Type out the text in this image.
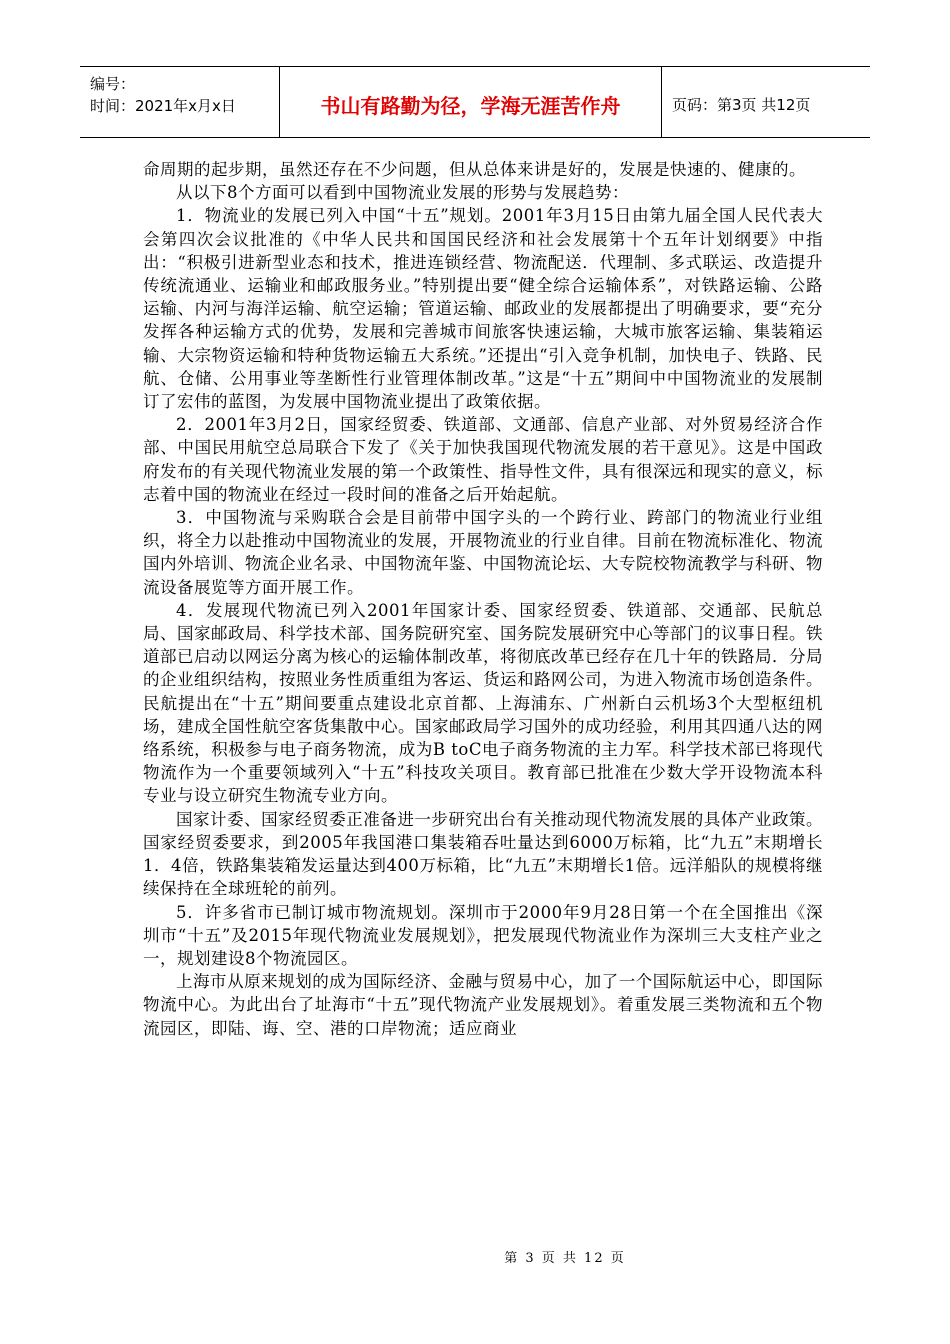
编号：
时间：2021年x月x日	书山有路勤为径，学海无涯苦作舟	页码：第3页 共12页

命周期的起步期，虽然还存在不少问题，但从总体来讲是好的，发展是快速的、健康的。

从以下8个方面可以看到中国物流业发展的形势与发展趋势：

1．物流业的发展已列入中国“十五”规划。2001年3月15日由第九届全国人民代表大会第四次会议批准的《中华人民共和国国民经济和社会发展第十个五年计划纲要》中指出：“积极引进新型业态和技术，推进连锁经营、物流配送．代理制、多式联运、改造提升传统流通业、运输业和邮政服务业。”特别提出要“健全综合运输体系”，对铁路运输、公路运输、内河与海洋运输、航空运输；管道运输、邮政业的发展都提出了明确要求，要“充分发挥各种运输方式的优势，发展和完善城市间旅客快速运输，大城市旅客运输、集装箱运输、大宗物资运输和特种货物运输五大系统。”还提出“引入竞争机制，加快电子、铁路、民航、仓储、公用事业等垄断性行业管理体制改革。”这是“十五”期间中中国物流业的发展制订了宏伟的蓝图，为发展中国物流业提出了政策依据。

2．2001年3月2日，国家经贸委、铁道部、文通部、信息产业部、对外贸易经济合作部、中国民用航空总局联合下发了《关于加快我国现代物流发展的若干意见》。这是中国政府发布的有关现代物流业发展的第一个政策性、指导性文件，具有很深远和现实的意义，标志着中国的物流业在经过一段时间的准备之后开始起航。

3．中国物流与采购联合会是目前带中国字头的一个跨行业、跨部门的物流业行业组织，将全力以赴推动中国物流业的发展，开展物流业的行业自律。目前在物流标准化、物流国内外培训、物流企业名录、中国物流年鉴、中国物流论坛、大专院校物流教学与科研、物流设备展览等方面开展工作。

4．发展现代物流已列入2001年国家计委、国家经贸委、铁道部、交通部、民航总局、国家邮政局、科学技术部、国务院研究室、国务院发展研究中心等部门的议事日程。铁道部已启动以网运分离为核心的运输体制改革，将彻底改革已经存在几十年的铁路局．分局的企业组织结构，按照业务性质重组为客运、货运和路网公司，为进入物流市场创造条件。民航提出在“十五”期间要重点建设北京首都、上海浦东、广州新白云机场3个大型枢纽机场，建成全国性航空客货集散中心。国家邮政局学习国外的成功经验，利用其四通八达的网络系统，积极参与电子商务物流，成为B toC电子商务物流的主力军。科学技术部已将现代物流作为一个重要领域列入“十五”科技攻关项目。教育部已批准在少数大学开设物流本科专业与设立研究生物流专业方向。

国家计委、国家经贸委正准备进一步研究出台有关推动现代物流发展的具体产业政策。国家经贸委要求，到2005年我国港口集装箱吞吐量达到6000万标箱，比“九五”末期增长1．4倍，铁路集装箱发运量达到400万标箱，比“九五”末期增长1倍。远洋船队的规模将继续保持在全球班轮的前列。

5．许多省市已制订城市物流规划。深圳市于2000年9月28日第一个在全国推出《深圳市“十五”及2015年现代物流业发展规划》，把发展现代物流业作为深圳三大支柱产业之一，规划建设8个物流园区。

上海市从原来规划的成为国际经济、金融与贸易中心，加了一个国际航运中心，即国际物流中心。为此出台了址海市“十五”现代物流产业发展规划》。着重发展三类物流和五个物流园区，即陆、诲、空、港的口岸物流；适应商业

第 3 页 共 12 页
